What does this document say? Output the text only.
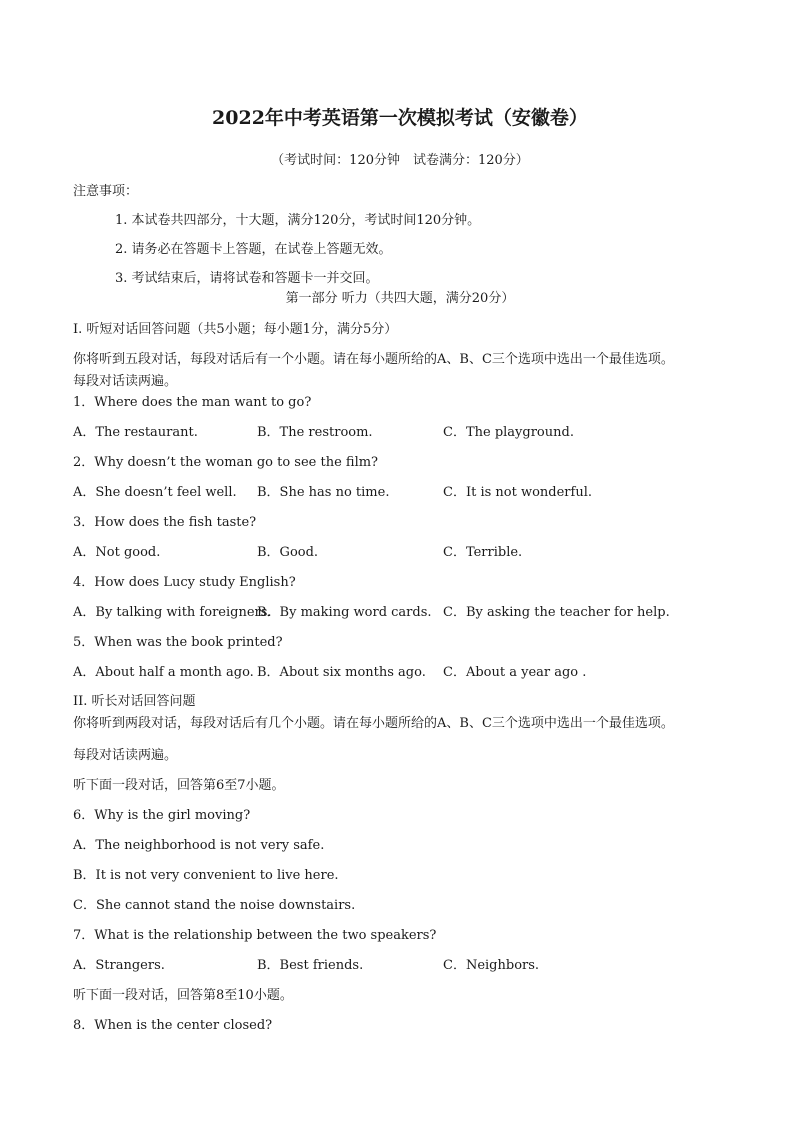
2022年中考英语第一次模拟考试（安徽卷）
（考试时间：120分钟　试卷满分：120分）
注意事项：
1. 本试卷共四部分，十大题，满分120分，考试时间120分钟。
2. 请务必在答题卡上答题，在试卷上答题无效。
3. 考试结束后，请将试卷和答题卡一并交回。
第一部分 听力（共四大题，满分20分）
I. 听短对话回答问题（共5小题；每小题1分，满分5分）
你将听到五段对话，每段对话后有一个小题。请在每小题所给的A、B、C三个选项中选出一个最佳选项。
每段对话读两遍。
1．Where does the man want to go?
A．The restaurant.	B．The restroom.	C．The playground.
2．Why doesn’t the woman go to see the film?
A．She doesn’t feel well. B．She has no time.	C．It is not wonderful.
3．How does the fish taste?
A．Not good.	B．Good.	C．Terrible.
4．How does Lucy study English?
A．By talking with foreigners.
B．By making word cards. C．By asking the teacher for help.
5．When was the book printed?
A．About half a month ago. B．About six months ago. C．About a year ago .
II. 听长对话回答问题
你将听到两段对话，每段对话后有几个小题。请在每小题所给的A、B、C三个选项中选出一个最佳选项。
每段对话读两遍。
听下面一段对话，回答第6至7小题。
6．Why is the girl moving?
A．The neighborhood is not very safe.
B．It is not very convenient to live here.
C．She cannot stand the noise downstairs.
7．What is the relationship between the two speakers?
A．Strangers.	B．Best friends.	C．Neighbors.
听下面一段对话，回答第8至10小题。
8．When is the center closed?
